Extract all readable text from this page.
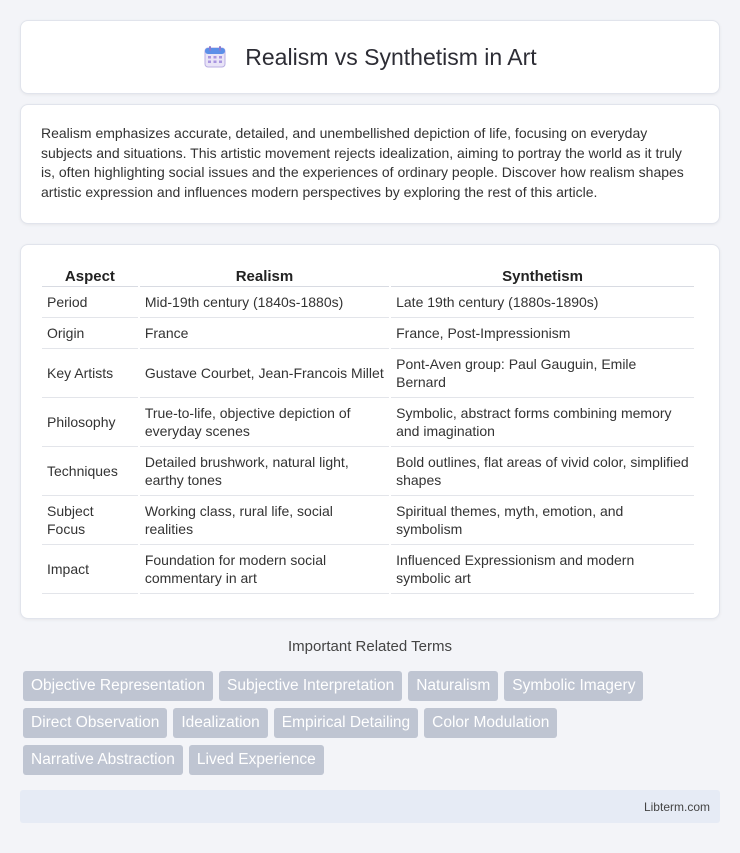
Realism vs Synthetism in Art

Realism emphasizes accurate, detailed, and unembellished depiction of life, focusing on everyday subjects and situations. This artistic movement rejects idealization, aiming to portray the world as it truly is, often highlighting social issues and the experiences of ordinary people. Discover how realism shapes artistic expression and influences modern perspectives by exploring the rest of this article.

Aspect	Realism	Synthetism
Period	Mid-19th century (1840s-1880s)	Late 19th century (1880s-1890s)
Origin	France	France, Post-Impressionism
Key Artists	Gustave Courbet, Jean-Francois Millet	Pont-Aven group: Paul Gauguin, Emile Bernard
Philosophy	True-to-life, objective depiction of everyday scenes	Symbolic, abstract forms combining memory and imagination
Techniques	Detailed brushwork, natural light, earthy tones	Bold outlines, flat areas of vivid color, simplified shapes
Subject Focus	Working class, rural life, social realities	Spiritual themes, myth, emotion, and symbolism
Impact	Foundation for modern social commentary in art	Influenced Expressionism and modern symbolic art
Important Related Terms
Objective Representation	Subjective Interpretation	Naturalism	Symbolic Imagery
Direct Observation	Idealization	Empirical Detailing	Color Modulation
Narrative Abstraction	Lived Experience
Libterm.com
